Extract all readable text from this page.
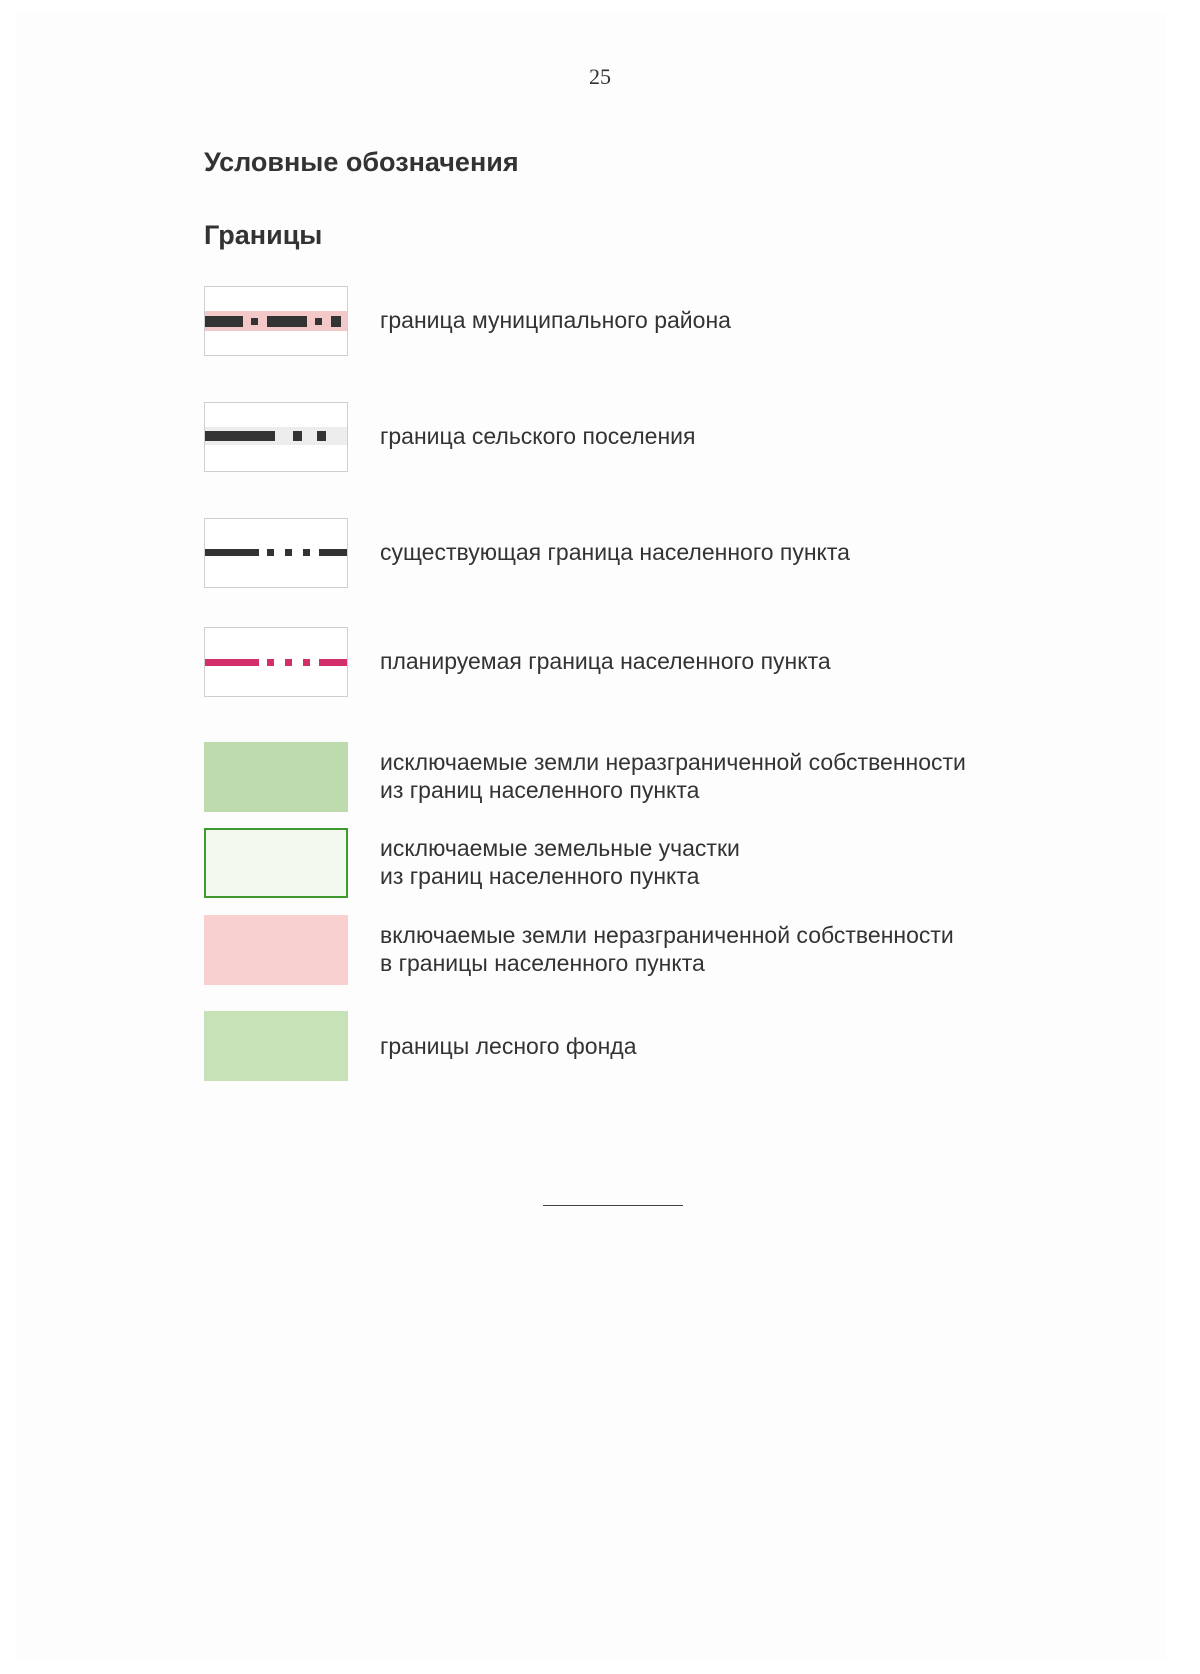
25
Условные обозначения
Границы
граница муниципального района
граница сельского поселения
существующая граница населенного пункта
планируемая граница населенного пункта
исключаемые земли неразграниченной собственности
из границ населенного пункта
исключаемые земельные участки
из границ населенного пункта
включаемые земли неразграниченной собственности
в границы населенного пункта
границы лесного фонда
